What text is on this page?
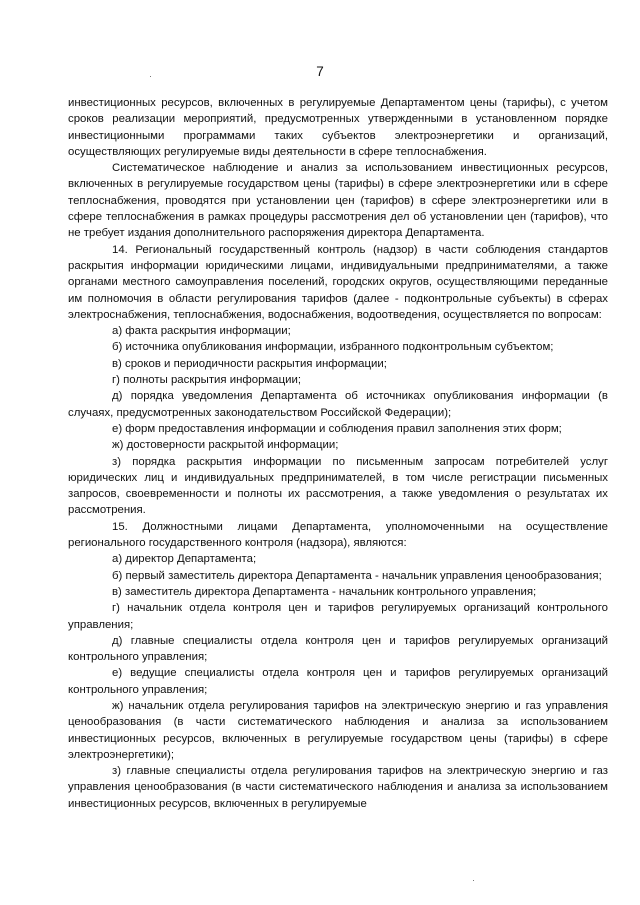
7

инвестиционных ресурсов, включенных в регулируемые Департаментом цены (тарифы), с учетом сроков реализации мероприятий, предусмотренных утвержденными в установленном порядке инвестиционными программами таких субъектов электроэнергетики и организаций, осуществляющих регулируемые виды деятельности в сфере теплоснабжения.

Систематическое наблюдение и анализ за использованием инвестиционных ресурсов, включенных в регулируемые государством цены (тарифы) в сфере электроэнергетики или в сфере теплоснабжения, проводятся при установлении цен (тарифов) в сфере электроэнергетики или в сфере теплоснабжения в рамках процедуры рассмотрения дел об установлении цен (тарифов), что не требует издания дополнительного распоряжения директора Департамента.

14. Региональный государственный контроль (надзор) в части соблюдения стандартов раскрытия информации юридическими лицами, индивидуальными предпринимателями, а также органами местного самоуправления поселений, городских округов, осуществляющими переданные им полномочия в области регулирования тарифов (далее - подконтрольные субъекты) в сферах электроснабжения, теплоснабжения, водоснабжения, водоотведения, осуществляется по вопросам:

а) факта раскрытия информации;

б) источника опубликования информации, избранного подконтрольным субъектом;

в) сроков и периодичности раскрытия информации;

г) полноты раскрытия информации;

д) порядка уведомления Департамента об источниках опубликования информации (в случаях, предусмотренных законодательством Российской Федерации);

е) форм предоставления информации и соблюдения правил заполнения этих форм;

ж) достоверности раскрытой информации;

з) порядка раскрытия информации по письменным запросам потребителей услуг юридических лиц и индивидуальных предпринимателей, в том числе регистрации письменных запросов, своевременности и полноты их рассмотрения, а также уведомления о результатах их рассмотрения.

15. Должностными лицами Департамента, уполномоченными на осуществление регионального государственного контроля (надзора), являются:

а) директор Департамента;

б) первый заместитель директора Департамента - начальник управления ценообразования;

в) заместитель директора Департамента - начальник контрольного управления;

г) начальник отдела контроля цен и тарифов регулируемых организаций контрольного управления;

д) главные специалисты отдела контроля цен и тарифов регулируемых организаций контрольного управления;

е) ведущие специалисты отдела контроля цен и тарифов регулируемых организаций контрольного управления;

ж) начальник отдела регулирования тарифов на электрическую энергию и газ управления ценообразования (в части систематического наблюдения и анализа за использованием инвестиционных ресурсов, включенных в регулируемые государством цены (тарифы) в сфере электроэнергетики);

з) главные специалисты отдела регулирования тарифов на электрическую энергию и газ управления ценообразования (в части систематического наблюдения и анализа за использованием инвестиционных ресурсов, включенных в регулируемые
